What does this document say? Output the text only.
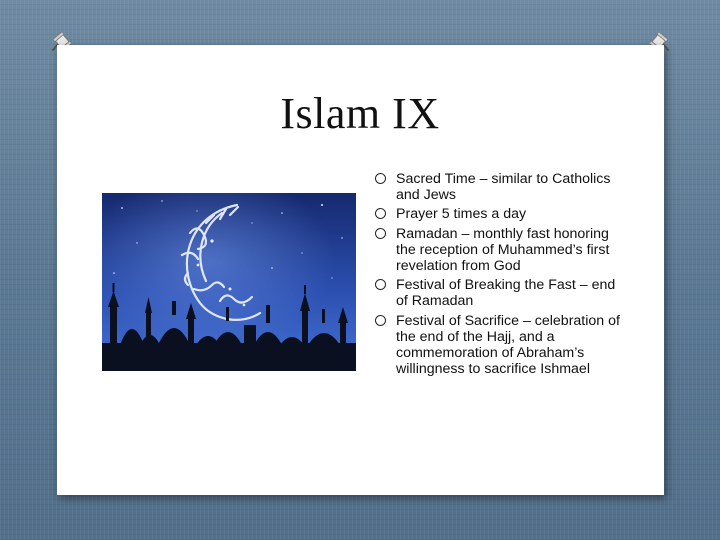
Islam IX
Sacred Time – similar to Catholics and Jews
Prayer 5 times a day
Ramadan – monthly fast honoring the reception of Muhammed’s first revelation from God
Festival of Breaking the Fast – end of Ramadan
Festival of Sacrifice – celebration of the end of the Hajj, and a commemoration of Abraham’s willingness to sacrifice Ishmael
